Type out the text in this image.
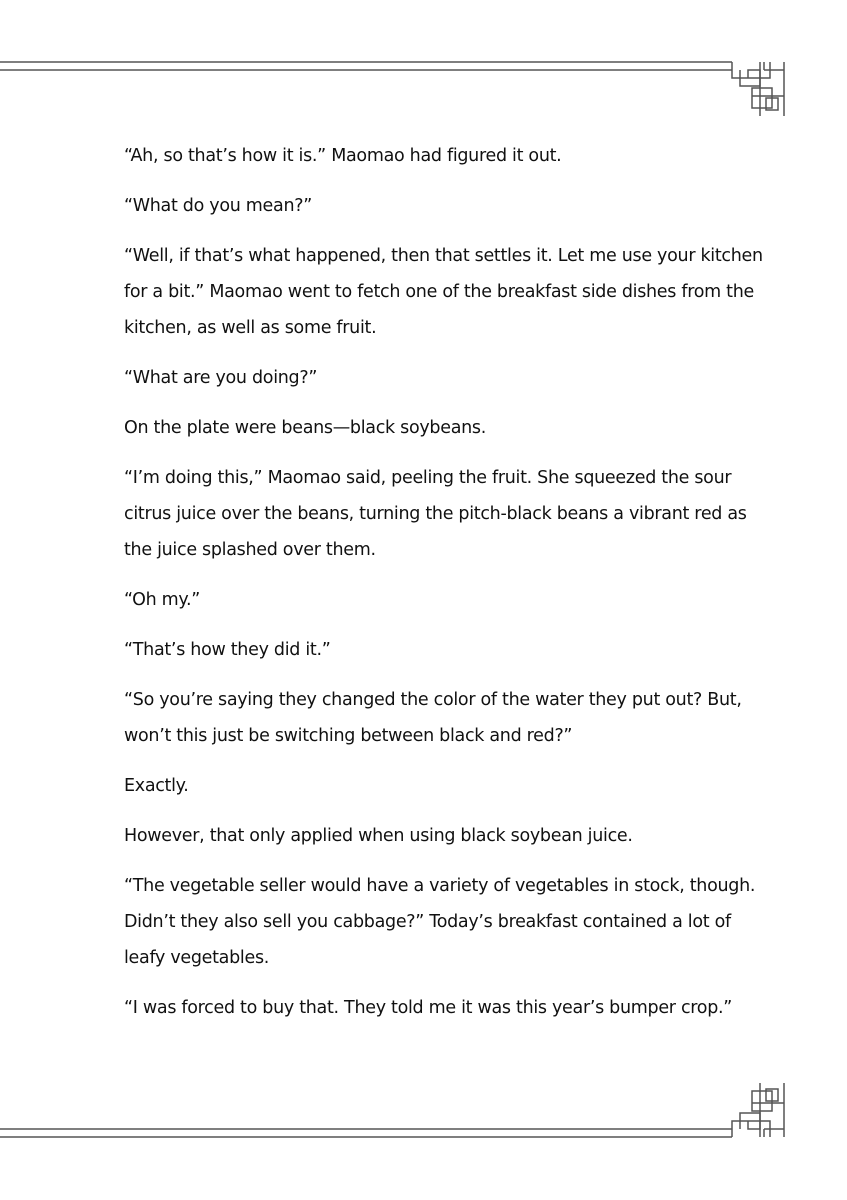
“Ah, so that’s how it is.” Maomao had figured it out.

“What do you mean?”

“Well, if that’s what happened, then that settles it. Let me use your kitchen for a bit.” Maomao went to fetch one of the breakfast side dishes from the kitchen, as well as some fruit.

“What are you doing?”

On the plate were beans—black soybeans.

“I’m doing this,” Maomao said, peeling the fruit. She squeezed the sour citrus juice over the beans, turning the pitch-black beans a vibrant red as the juice splashed over them.

“Oh my.”

“That’s how they did it.”

“So you’re saying they changed the color of the water they put out? But, won’t this just be switching between black and red?”

Exactly.

However, that only applied when using black soybean juice.

“The vegetable seller would have a variety of vegetables in stock, though. Didn’t they also sell you cabbage?” Today’s breakfast contained a lot of leafy vegetables.

“I was forced to buy that. They told me it was this year’s bumper crop.”
